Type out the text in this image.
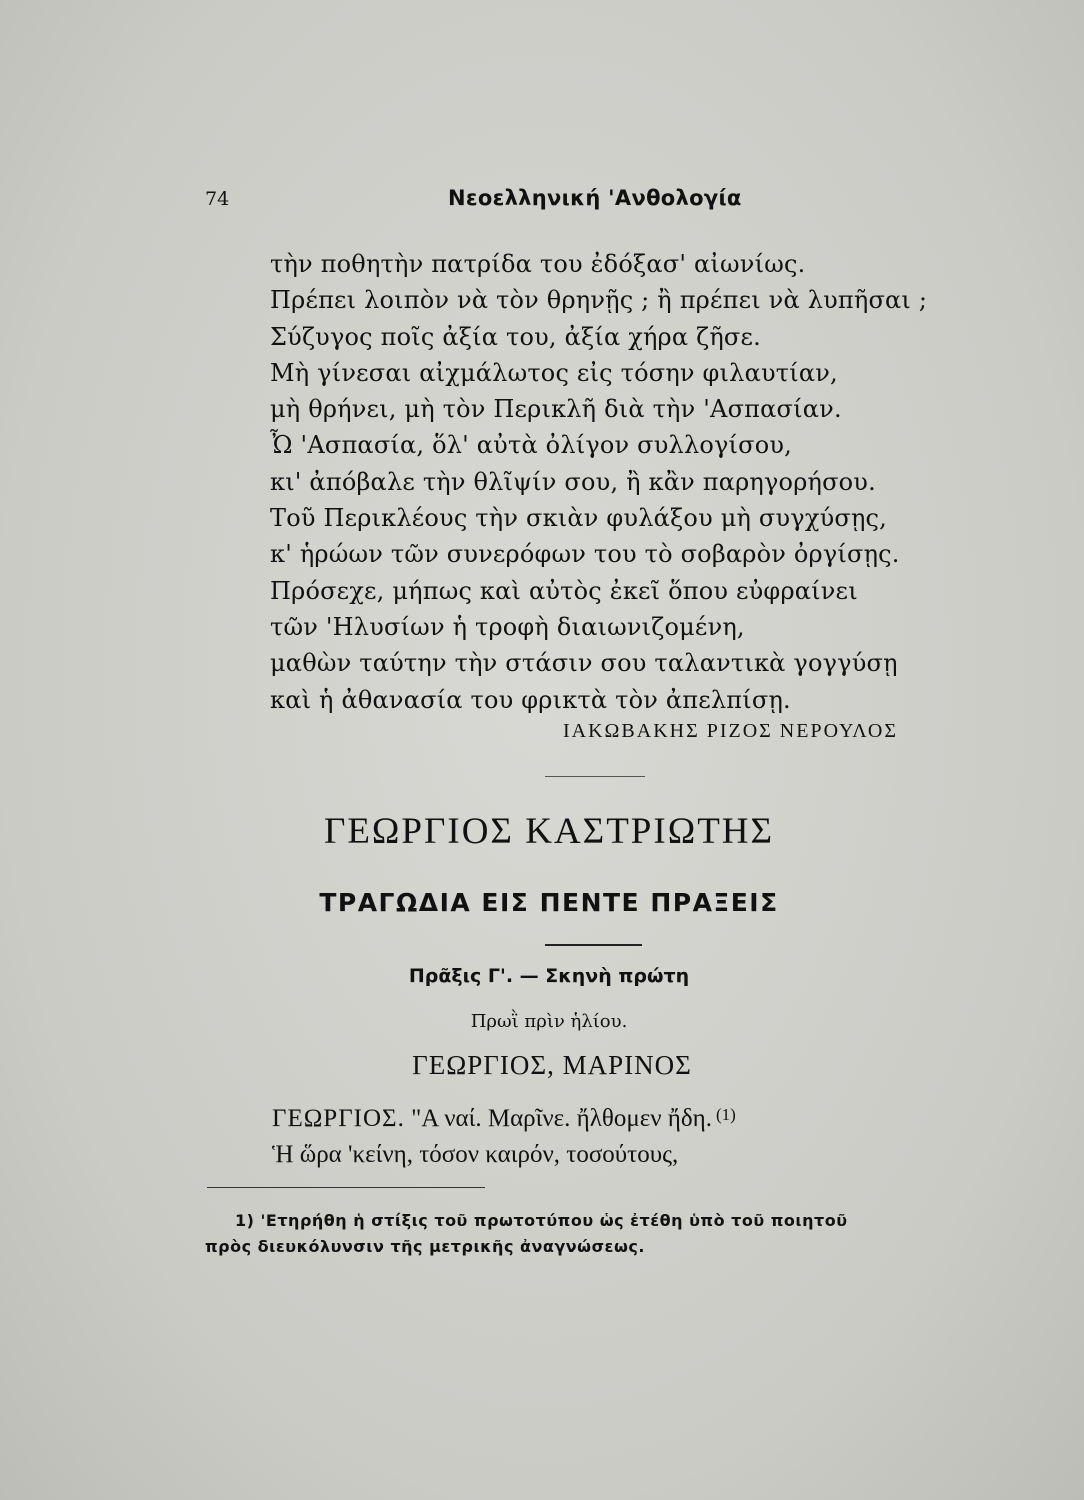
74	Νεοελληνική 'Ανθολογία
τὴν ποθητὴν πατρίδα του ἐδόξασ' αἰωνίως.
Πρέπει λοιπὸν νὰ τὸν θρηνῇς ; ἢ πρέπει νὰ λυπῆσαι ;
Σύζυγος ποῖς ἀξία του, ἀξία χήρα ζῆσε.
Μὴ γίνεσαι αἰχμάλωτος εἰς τόσην φιλαυτίαν,
μὴ θρήνει, μὴ τὸν Περικλῆ διὰ τὴν 'Ασπασίαν.
Ὦ 'Ασπασία, ὅλ' αὐτὰ ὀλίγον συλλογίσου,
κι' ἀπόβαλε τὴν θλῖψίν σου, ἢ κἂν παρηγορήσου.
Τοῦ Περικλέους τὴν σκιὰν φυλάξου μὴ συγχύσῃς,
κ' ἡρώων τῶν συνερόφων του τὸ σοβαρὸν ὀργίσῃς.
Πρόσεχε, μήπως καὶ αὐτὸς ἐκεῖ ὅπου εὐφραίνει
τῶν 'Ηλυσίων ἡ τροφὴ διαιωνιζομένη,
μαθὼν ταύτην τὴν στάσιν σου ταλαντικὰ γογγύσῃ
καὶ ἡ ἀθανασία του φρικτὰ τὸν ἀπελπίσῃ.
ΙΑΚΩΒΑΚΗΣ ΡΙΖΟΣ ΝΕΡΟΥΛΟΣ
ΓΕΩΡΓΙΟΣ ΚΑΣΤΡΙΩΤΗΣ
ΤΡΑΓΩΔΙΑ ΕΙΣ ΠΕΝΤΕ ΠΡΑΞΕΙΣ
Πρᾶξις Γ'. — Σκηνὴ πρώτη
Πρωῒ πρὶν ἡλίου.
ΓΕΩΡΓΙΟΣ, ΜΑΡΙΝΟΣ
ΓΕΩΡΓΙΟΣ. "Α ναί. Μαρῖνε. ἤλθομεν ἤδη. $^{(1)}$
Ἡ ὥρα 'κείνη, τόσον καιρόν, τοσούτους,
1) 'Ετηρήθη ἡ στίξις τοῦ πρωτοτύπου ὡς ἐτέθη ὑπὸ τοῦ ποιητοῦ
πρὸς διευκόλυνσιν τῆς μετρικῆς ἀναγνώσεως.
